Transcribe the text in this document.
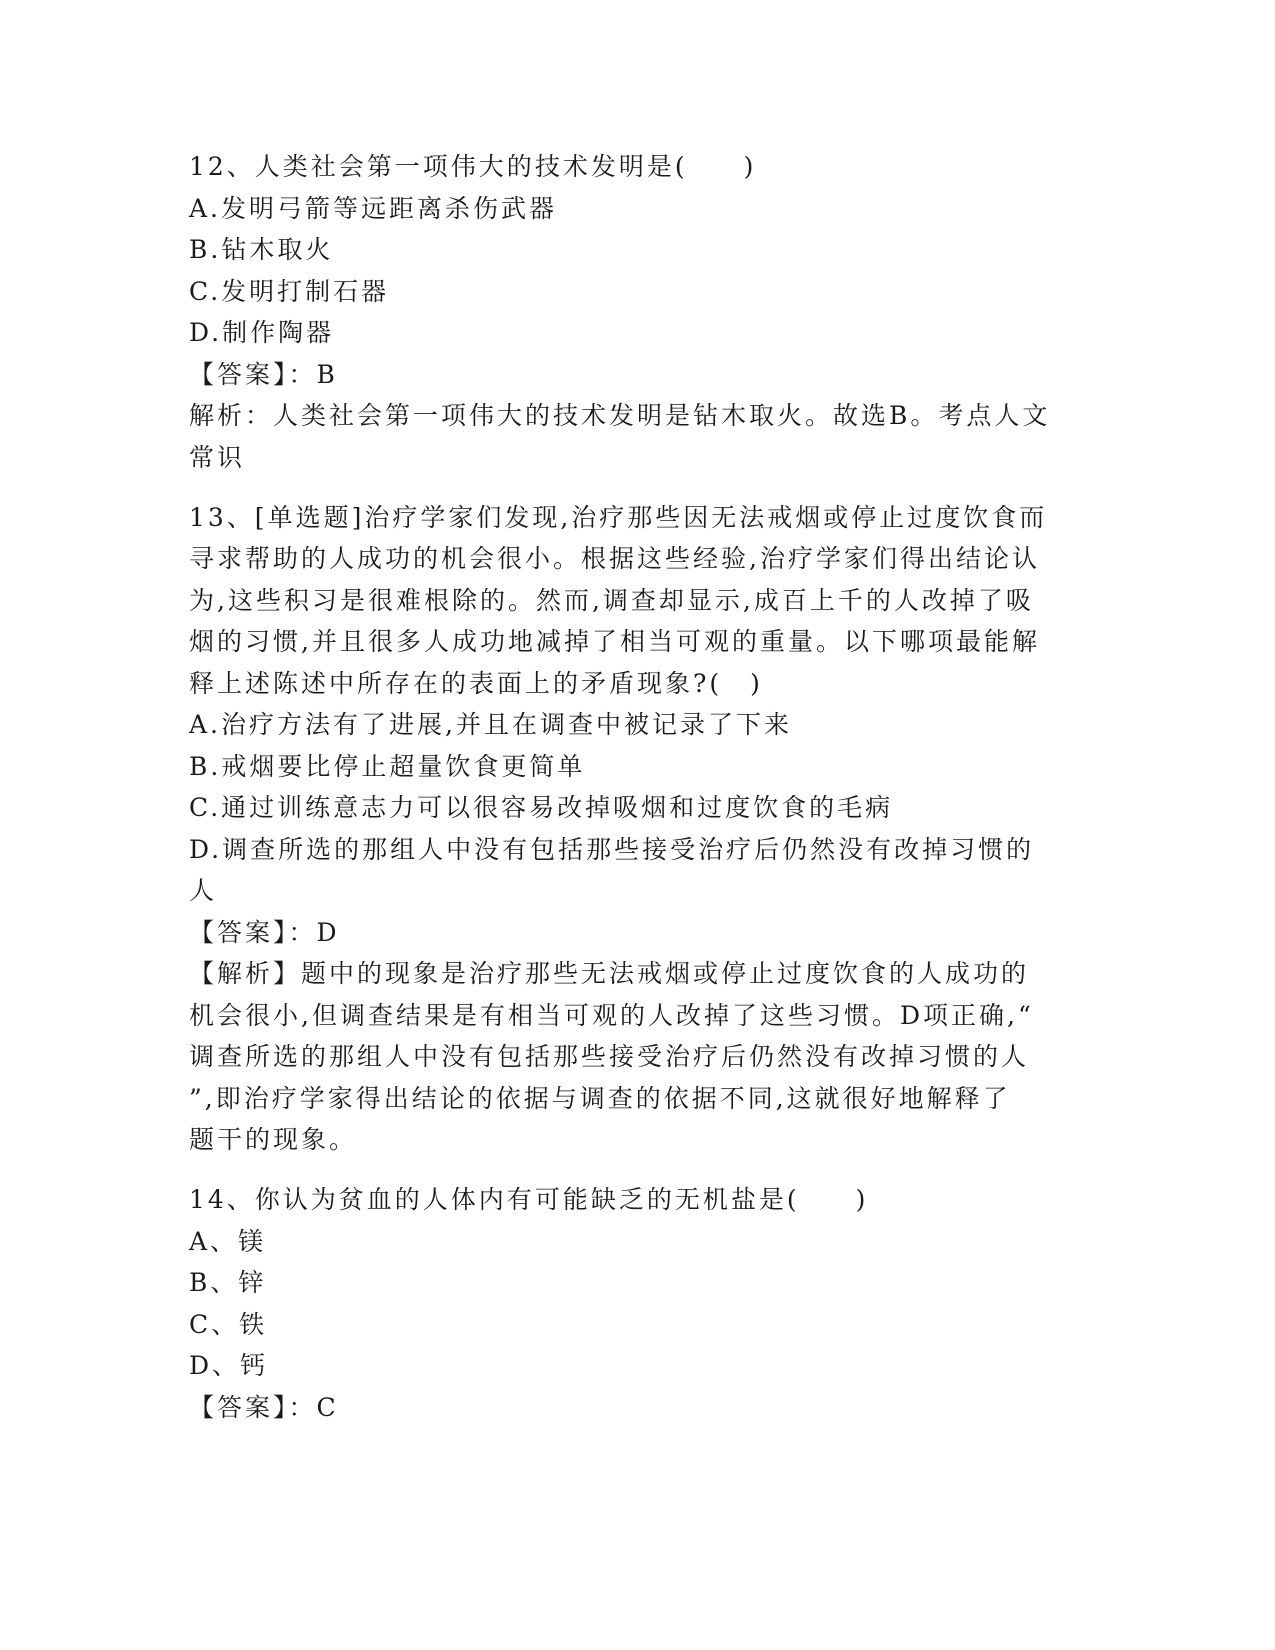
12、人类社会第一项伟大的技术发明是(　　)
A.发明弓箭等远距离杀伤武器
B.钻木取火
C.发明打制石器
D.制作陶器
【答案】：B
解析：人类社会第一项伟大的技术发明是钻木取火。故选B。考点人文
常识
13、[单选题]治疗学家们发现,治疗那些因无法戒烟或停止过度饮食而
寻求帮助的人成功的机会很小。根据这些经验,治疗学家们得出结论认
为,这些积习是很难根除的。然而,调查却显示,成百上千的人改掉了吸
烟的习惯,并且很多人成功地减掉了相当可观的重量。以下哪项最能解
释上述陈述中所存在的表面上的矛盾现象?(　)
A.治疗方法有了进展,并且在调查中被记录了下来
B.戒烟要比停止超量饮食更简单
C.通过训练意志力可以很容易改掉吸烟和过度饮食的毛病
D.调查所选的那组人中没有包括那些接受治疗后仍然没有改掉习惯的
人
【答案】：D
【解析】题中的现象是治疗那些无法戒烟或停止过度饮食的人成功的
机会很小,但调查结果是有相当可观的人改掉了这些习惯。D项正确,“
调查所选的那组人中没有包括那些接受治疗后仍然没有改掉习惯的人
”,即治疗学家得出结论的依据与调查的依据不同,这就很好地解释了
题干的现象。
14、你认为贫血的人体内有可能缺乏的无机盐是(　　)
A、镁
B、锌
C、铁
D、钙
【答案】：C
